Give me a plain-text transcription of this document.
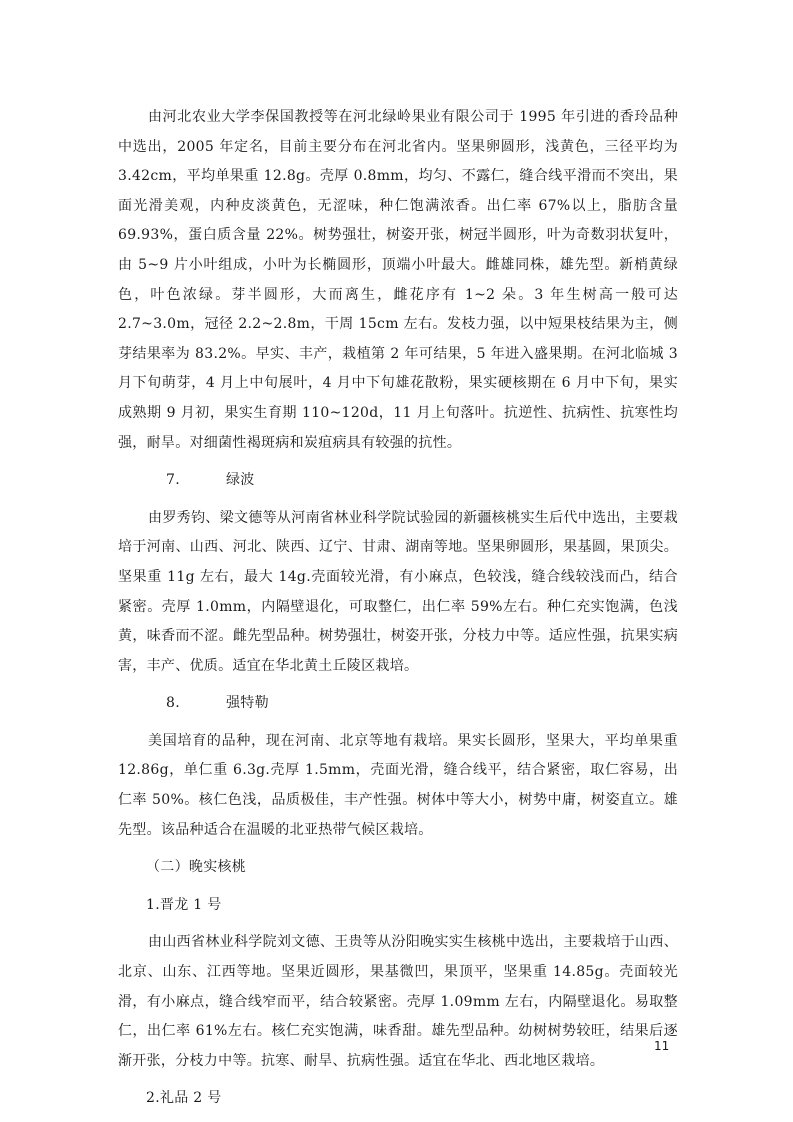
由河北农业大学李保国教授等在河北绿岭果业有限公司于 1995 年引进的香玲品种中选出，2005 年定名，目前主要分布在河北省内。坚果卵圆形，浅黄色，三径平均为 3.42cm，平均单果重 12.8g。壳厚 0.8mm，均匀、不露仁，缝合线平滑而不突出，果面光滑美观，内种皮淡黄色，无涩味，种仁饱满浓香。出仁率 67%以上，脂肪含量 69.93%，蛋白质含量 22%。树势强壮，树姿开张，树冠半圆形，叶为奇数羽状复叶，由 5~9 片小叶组成，小叶为长椭圆形，顶端小叶最大。雌雄同株，雄先型。新梢黄绿色，叶色浓绿。芽半圆形，大而离生，雌花序有 1~2 朵。3 年生树高一般可达 2.7~3.0m，冠径 2.2~2.8m，干周 15cm 左右。发枝力强，以中短果枝结果为主，侧芽结果率为 83.2%。早实、丰产，栽植第 2 年可结果，5 年进入盛果期。在河北临城 3 月下旬萌芽，4 月上中旬展叶，4 月中下旬雄花散粉，果实硬核期在 6 月中下旬，果实成熟期 9 月初，果实生育期 110~120d，11 月上旬落叶。抗逆性、抗病性、抗寒性均强，耐旱。对细菌性褐斑病和炭疽病具有较强的抗性。

7.	绿波

由罗秀钧、梁文德等从河南省林业科学院试验园的新疆核桃实生后代中选出，主要栽培于河南、山西、河北、陕西、辽宁、甘肃、湖南等地。坚果卵圆形，果基圆，果顶尖。坚果重 11g 左右，最大 14g.壳面较光滑，有小麻点，色较浅，缝合线较浅而凸，结合紧密。壳厚 1.0mm，内隔壁退化，可取整仁，出仁率 59%左右。种仁充实饱满，色浅黄，味香而不涩。雌先型品种。树势强壮，树姿开张，分枝力中等。适应性强，抗果实病害，丰产、优质。适宜在华北黄土丘陵区栽培。

8.	强特勒

美国培育的品种，现在河南、北京等地有栽培。果实长圆形，坚果大，平均单果重 12.86g，单仁重 6.3g.壳厚 1.5mm，壳面光滑，缝合线平，结合紧密，取仁容易，出仁率 50%。核仁色浅，品质极佳，丰产性强。树体中等大小，树势中庸，树姿直立。雄先型。该品种适合在温暖的北亚热带气候区栽培。

（二）晚实核桃

1.晋龙 1 号

由山西省林业科学院刘文德、王贵等从汾阳晚实实生核桃中选出，主要栽培于山西、北京、山东、江西等地。坚果近圆形，果基微凹，果顶平，坚果重 14.85g。壳面较光滑，有小麻点，缝合线窄而平，结合较紧密。壳厚 1.09mm 左右，内隔壁退化。易取整仁，出仁率 61%左右。核仁充实饱满，味香甜。雄先型品种。幼树树势较旺，结果后逐渐开张，分枝力中等。抗寒、耐旱、抗病性强。适宜在华北、西北地区栽培。

2.礼品 2 号

11
